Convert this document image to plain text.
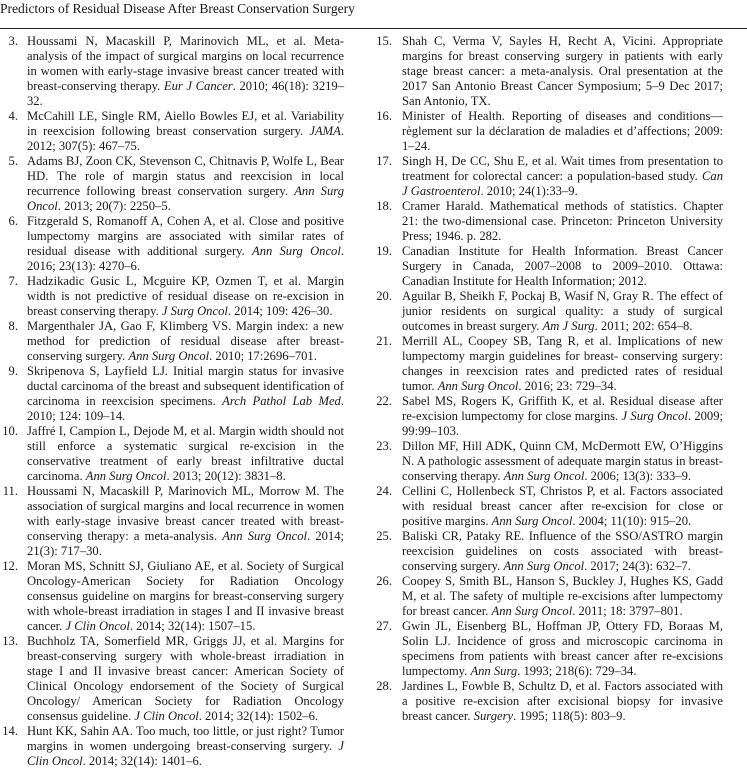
Predictors of Residual Disease After Breast Conservation Surgery
3. Houssami N, Macaskill P, Marinovich ML, et al. Meta-analysis of the impact of surgical margins on local recurrence in women with early-stage invasive breast cancer treated with breast-conserving therapy. Eur J Cancer. 2010; 46(18): 3219–32.
4. McCahill LE, Single RM, Aiello Bowles EJ, et al. Variability in reexcision following breast conservation surgery. JAMA. 2012; 307(5): 467–75.
5. Adams BJ, Zoon CK, Stevenson C, Chitnavis P, Wolfe L, Bear HD. The role of margin status and reexcision in local recurrence following breast conservation surgery. Ann Surg Oncol. 2013; 20(7): 2250–5.
6. Fitzgerald S, Romanoff A, Cohen A, et al. Close and positive lumpectomy margins are associated with similar rates of residual disease with additional surgery. Ann Surg Oncol. 2016; 23(13): 4270–6.
7. Hadzikadic Gusic L, Mcguire KP, Ozmen T, et al. Margin width is not predictive of residual disease on re-excision in breast conserving therapy. J Surg Oncol. 2014; 109: 426–30.
8. Margenthaler JA, Gao F, Klimberg VS. Margin index: a new method for prediction of residual disease after breast-conserving surgery. Ann Surg Oncol. 2010; 17:2696–701.
9. Skripenova S, Layfield LJ. Initial margin status for invasive ductal carcinoma of the breast and subsequent identification of carcinoma in reexcision specimens. Arch Pathol Lab Med. 2010; 124: 109–14.
10. Jaffré I, Campion L, Dejode M, et al. Margin width should not still enforce a systematic surgical re-excision in the conservative treatment of early breast infiltrative ductal carcinoma. Ann Surg Oncol. 2013; 20(12): 3831–8.
11. Houssami N, Macaskill P, Marinovich ML, Morrow M. The association of surgical margins and local recurrence in women with early-stage invasive breast cancer treated with breast-conserving therapy: a meta-analysis. Ann Surg Oncol. 2014; 21(3): 717–30.
12. Moran MS, Schnitt SJ, Giuliano AE, et al. Society of Surgical Oncology-American Society for Radiation Oncology consensus guideline on margins for breast-conserving surgery with whole-breast irradiation in stages I and II invasive breast cancer. J Clin Oncol. 2014; 32(14): 1507–15.
13. Buchholz TA, Somerfield MR, Griggs JJ, et al. Margins for breast-conserving surgery with whole-breast irradiation in stage I and II invasive breast cancer: American Society of Clinical Oncology endorsement of the Society of Surgical Oncology/ American Society for Radiation Oncology consensus guideline. J Clin Oncol. 2014; 32(14): 1502–6.
14. Hunt KK, Sahin AA. Too much, too little, or just right? Tumor margins in women undergoing breast-conserving surgery. J Clin Oncol. 2014; 32(14): 1401–6.
15. Shah C, Verma V, Sayles H, Recht A, Vicini. Appropriate margins for breast conserving surgery in patients with early stage breast cancer: a meta-analysis. Oral presentation at the 2017 San Antonio Breast Cancer Symposium; 5–9 Dec 2017; San Antonio, TX.
16. Minister of Health. Reporting of diseases and conditions—règlement sur la déclaration de maladies et d’affections; 2009: 1–24.
17. Singh H, De CC, Shu E, et al. Wait times from presentation to treatment for colorectal cancer: a population-based study. Can J Gastroenterol. 2010; 24(1):33–9.
18. Cramer Harald. Mathematical methods of statistics. Chapter 21: the two-dimensional case. Princeton: Princeton University Press; 1946. p. 282.
19. Canadian Institute for Health Information. Breast Cancer Surgery in Canada, 2007–2008 to 2009–2010. Ottawa: Canadian Institute for Health Information; 2012.
20. Aguilar B, Sheikh F, Pockaj B, Wasif N, Gray R. The effect of junior residents on surgical quality: a study of surgical outcomes in breast surgery. Am J Surg. 2011; 202: 654–8.
21. Merrill AL, Coopey SB, Tang R, et al. Implications of new lumpectomy margin guidelines for breast- conserving surgery: changes in reexcision rates and predicted rates of residual tumor. Ann Surg Oncol. 2016; 23: 729–34.
22. Sabel MS, Rogers K, Griffith K, et al. Residual disease after re-excision lumpectomy for close margins. J Surg Oncol. 2009; 99:99–103.
23. Dillon MF, Hill ADK, Quinn CM, McDermott EW, O’Higgins N. A pathologic assessment of adequate margin status in breast-conserving therapy. Ann Surg Oncol. 2006; 13(3): 333–9.
24. Cellini C, Hollenbeck ST, Christos P, et al. Factors associated with residual breast cancer after re-excision for close or positive margins. Ann Surg Oncol. 2004; 11(10): 915–20.
25. Baliski CR, Pataky RE. Influence of the SSO/ASTRO margin reexcision guidelines on costs associated with breast-conserving surgery. Ann Surg Oncol. 2017; 24(3): 632–7.
26. Coopey S, Smith BL, Hanson S, Buckley J, Hughes KS, Gadd M, et al. The safety of multiple re-excisions after lumpectomy for breast cancer. Ann Surg Oncol. 2011; 18: 3797–801.
27. Gwin JL, Eisenberg BL, Hoffman JP, Ottery FD, Boraas M, Solin LJ. Incidence of gross and microscopic carcinoma in specimens from patients with breast cancer after re-excisions lumpectomy. Ann Surg. 1993; 218(6): 729–34.
28. Jardines L, Fowble B, Schultz D, et al. Factors associated with a positive re-excision after excisional biopsy for invasive breast cancer. Surgery. 1995; 118(5): 803–9.
